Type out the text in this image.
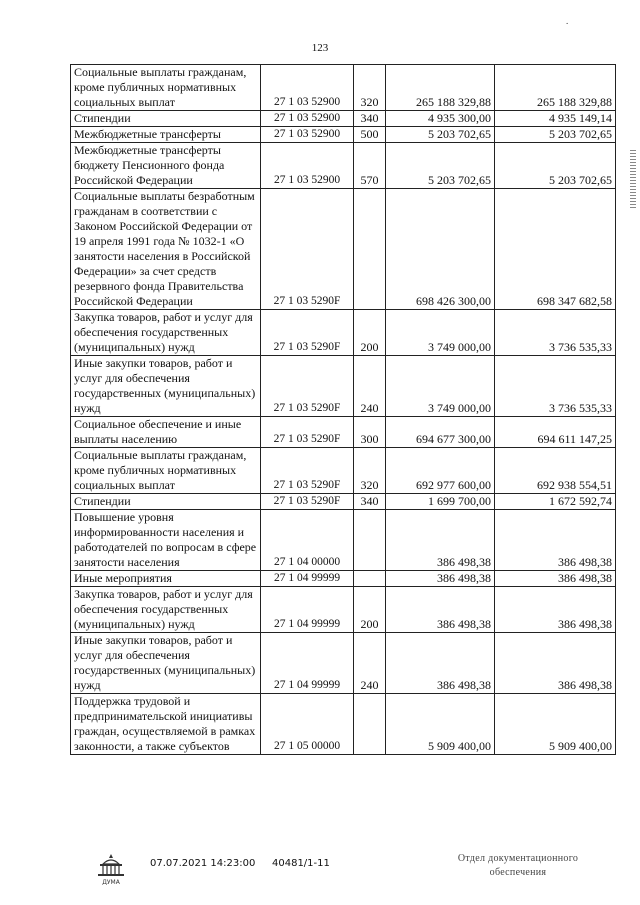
123
.
Социальные выплаты гражданам, кроме публичных нормативных социальных выплат	27 1 03 52900	320	265 188 329,88	265 188 329,88
Стипендии	27 1 03 52900	340	4 935 300,00	4 935 149,14
Межбюджетные трансферты	27 1 03 52900	500	5 203 702,65	5 203 702,65
Межбюджетные трансферты бюджету Пенсионного фонда Российской Федерации	27 1 03 52900	570	5 203 702,65	5 203 702,65
Социальные выплаты безработным гражданам в соответствии с Законом Российской Федерации от 19 апреля 1991 года № 1032-1 «О занятости населения в Российской Федерации» за счет средств резервного фонда Правительства Российской Федерации	27 1 03 5290F		698 426 300,00	698 347 682,58
Закупка товаров, работ и услуг для обеспечения государственных (муниципальных) нужд	27 1 03 5290F	200	3 749 000,00	3 736 535,33
Иные закупки товаров, работ и услуг для обеспечения государственных (муниципальных) нужд	27 1 03 5290F	240	3 749 000,00	3 736 535,33
Социальное обеспечение и иные выплаты населению	27 1 03 5290F	300	694 677 300,00	694 611 147,25
Социальные выплаты гражданам, кроме публичных нормативных социальных выплат	27 1 03 5290F	320	692 977 600,00	692 938 554,51
Стипендии	27 1 03 5290F	340	1 699 700,00	1 672 592,74
Повышение уровня информированности населения и работодателей по вопросам в сфере занятости населения	27 1 04 00000		386 498,38	386 498,38
Иные мероприятия	27 1 04 99999		386 498,38	386 498,38
Закупка товаров, работ и услуг для обеспечения государственных (муниципальных) нужд	27 1 04 99999	200	386 498,38	386 498,38
Иные закупки товаров, работ и услуг для обеспечения государственных (муниципальных) нужд	27 1 04 99999	240	386 498,38	386 498,38
Поддержка трудовой и предпринимательской инициативы граждан, осуществляемой в рамках законности, а также субъектов	27 1 05 00000		5 909 400,00	5 909 400,00
ДУМА
07.07.2021 14:23:00 40481/1-11	Отдел документационного
обеспечения
